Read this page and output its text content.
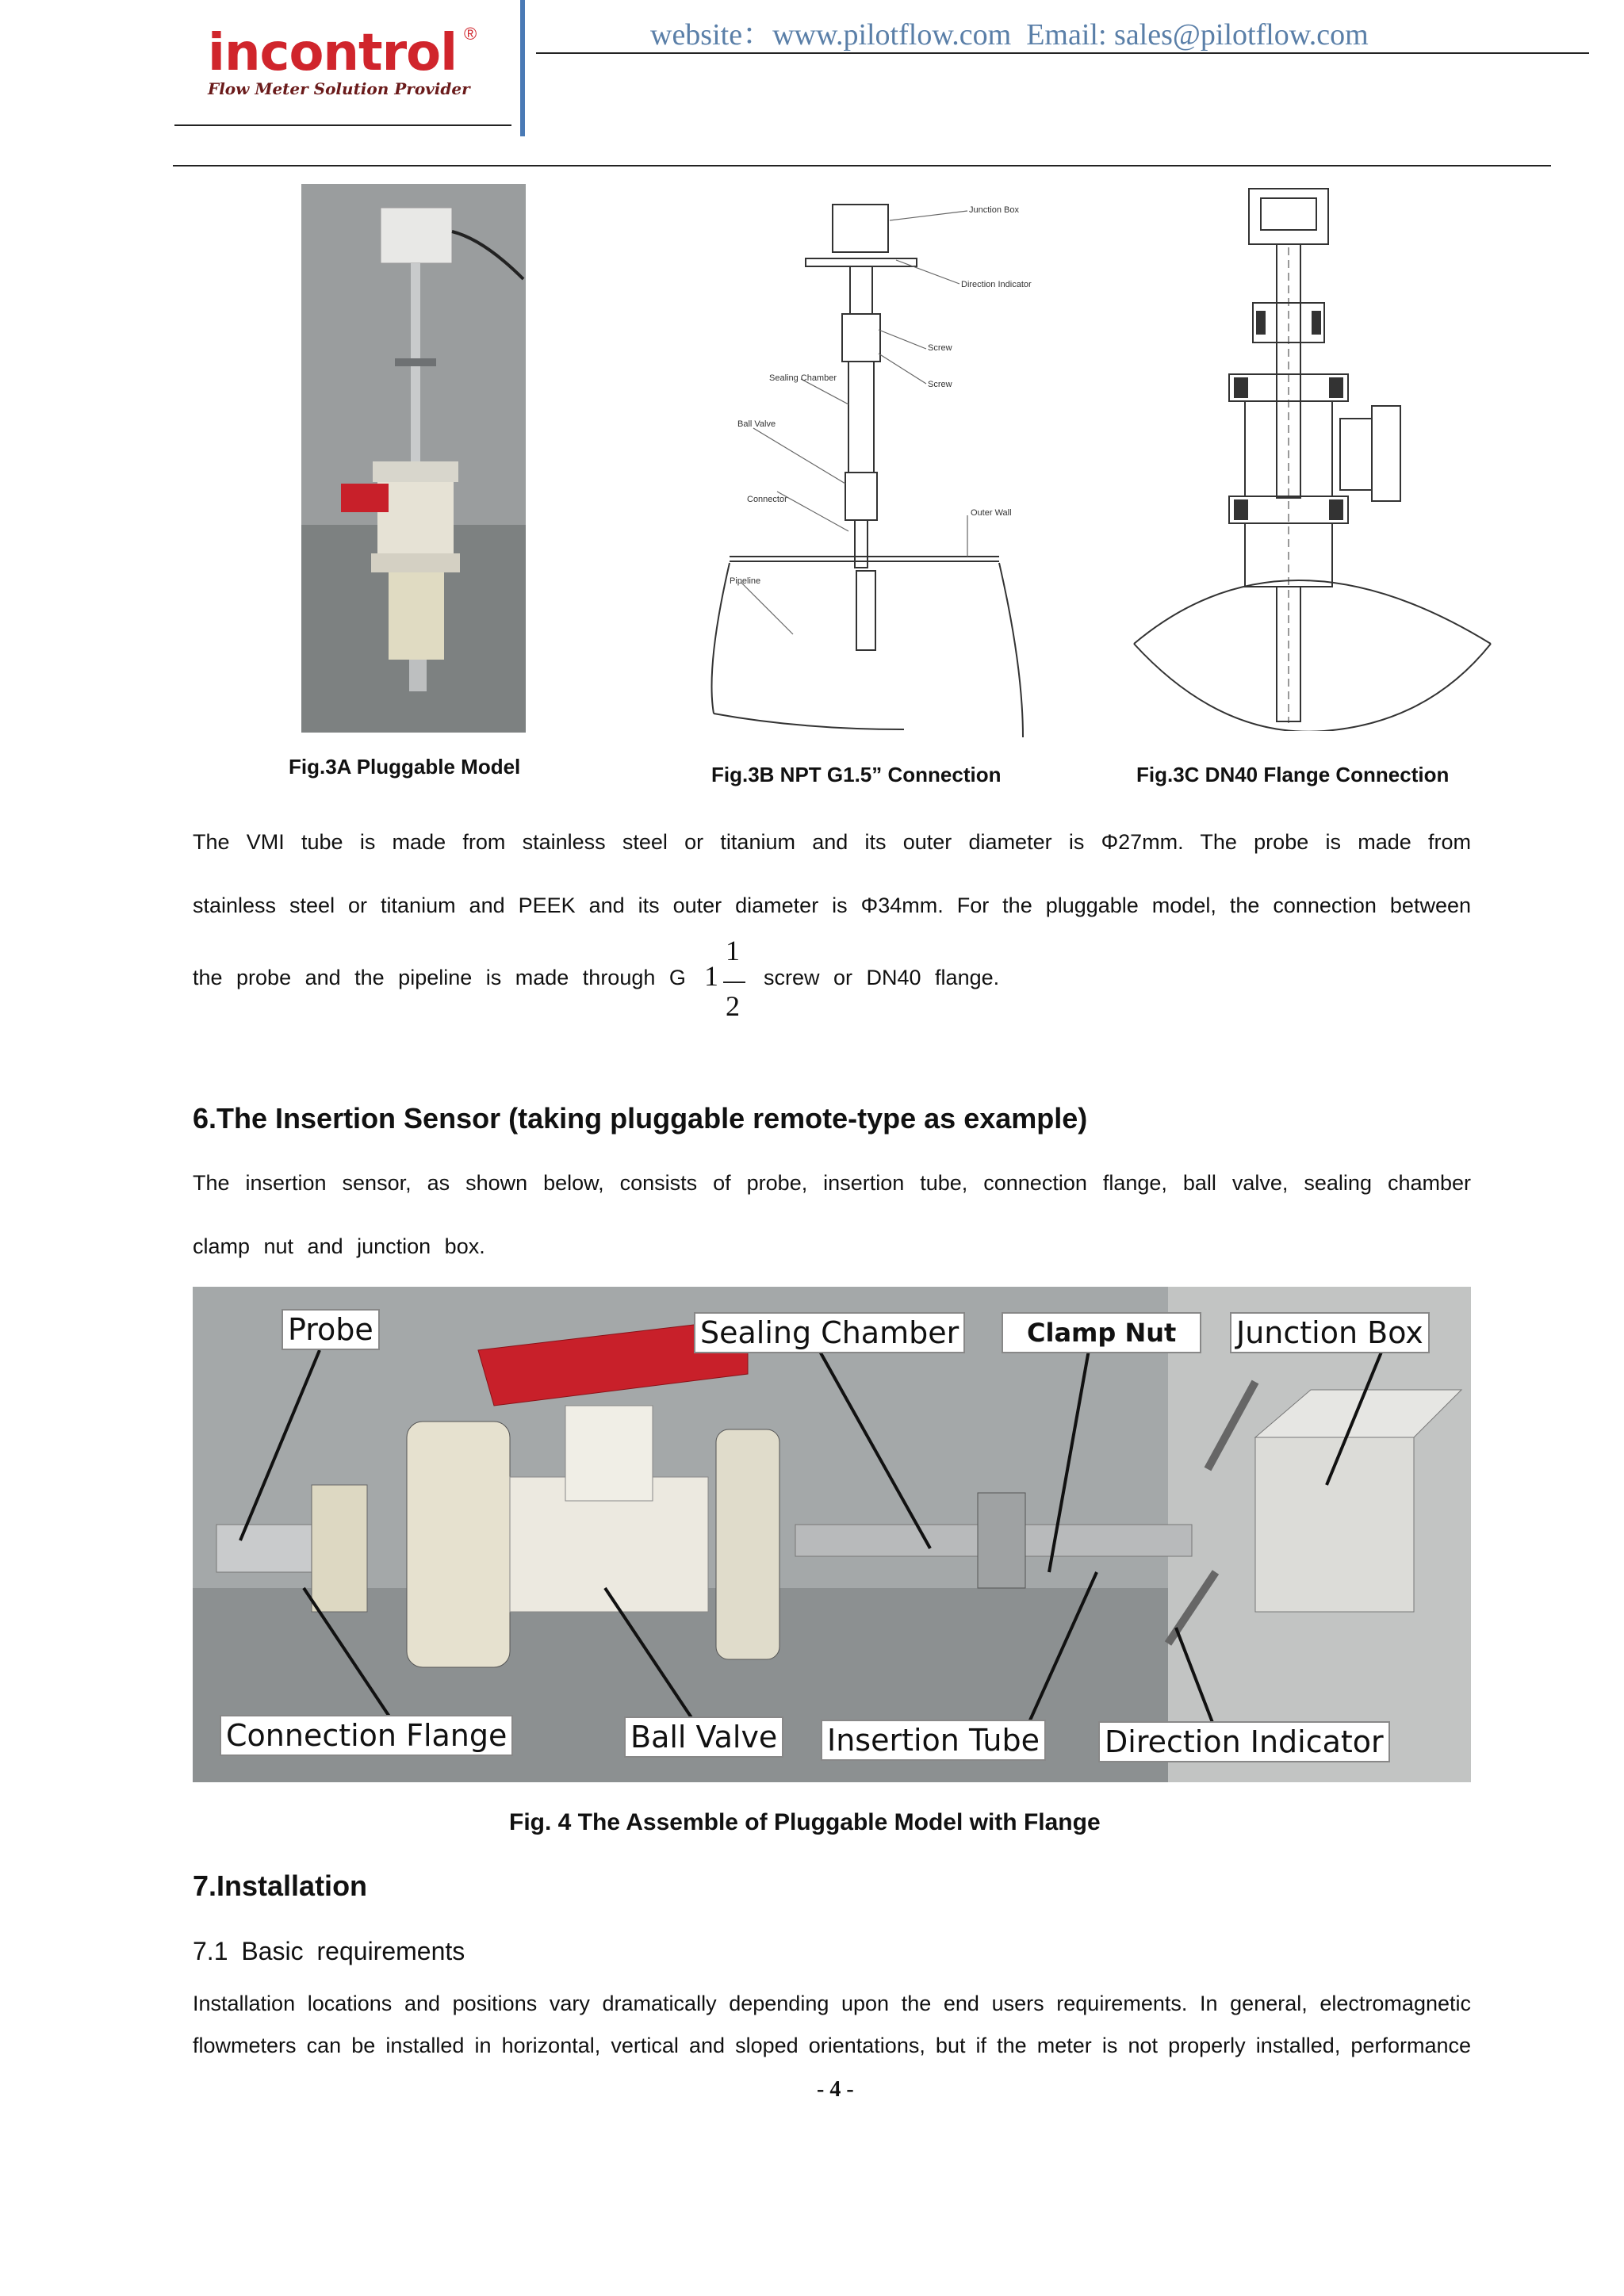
incontrol ®
Flow Meter Solution Provider
website：www.pilotflow.com  Email: sales@pilotflow.com
Fig.3A Pluggable Model
Junction Box
Direction Indicator
Screw
Screw
Sealing Chamber
Ball Valve
Connector
Outer Wall
Pipeline
Fig.3B NPT G1.5” Connection	Fig.3C DN40 Flange Connection
The VMI tube is made from stainless steel or titanium and its outer diameter is Φ27mm. The probe is made from
stainless steel or titanium and PEEK and its outer diameter is Φ34mm. For the pluggable model, the connection between
the probe and the pipeline is made through G 1
1
2
screw or DN40 flange.
6.The Insertion Sensor (taking pluggable remote-type as example)
The insertion sensor, as shown below, consists of probe, insertion tube, connection flange, ball valve, sealing chamber
clamp nut and junction box.
Probe	Sealing Chamber	Clamp Nut	Junction Box
Connection Flange	Ball Valve Insertion Tube Direction Indicator
Fig. 4 The Assemble of Pluggable Model with Flange
7.Installation
7.1 Basic requirements
Installation locations and positions vary dramatically depending upon the end users requirements. In general, electromagnetic
flowmeters can be installed in horizontal, vertical and sloped orientations, but if the meter is not properly installed, performance
- 4 -
